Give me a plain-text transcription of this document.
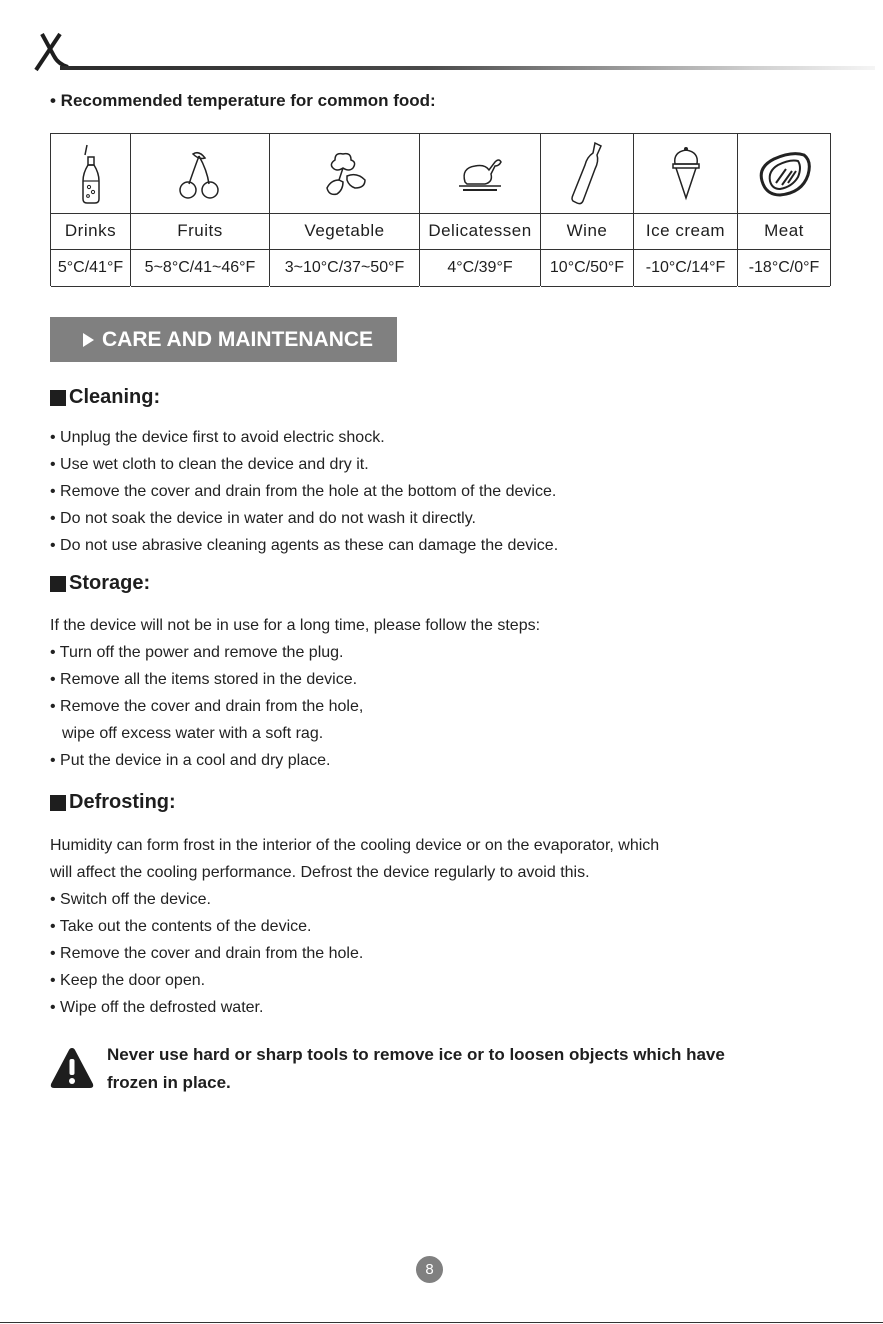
• Recommended temperature for common food:
Drinks
5°C/41°F
Fruits
5~8°C/41~46°F
Vegetable
3~10°C/37~50°F
Delicatessen
4°C/39°F
Wine
10°C/50°F
Ice cream
-10°C/14°F
Meat
-18°C/0°F
CARE AND MAINTENANCE
Cleaning:
• Unplug the device first to avoid electric shock.
• Use wet cloth to clean the device and dry it.
• Remove the cover and drain from the hole at the bottom of the device.
• Do not soak the device in water and do not wash it directly.
• Do not use abrasive cleaning agents as these can damage the device.
Storage:
If the device will not be in use for a long time, please follow the steps:
• Turn off the power and remove the plug.
• Remove all the items stored in the device.
• Remove the cover and drain from the hole,
wipe off excess water with a soft rag.
• Put the device in a cool and dry place.
Defrosting:
Humidity can form frost in the interior of the cooling device or on the evaporator, which
will affect the cooling performance. Defrost the device regularly to avoid this.
• Switch off the device.
• Take out the contents of the device.
• Remove the cover and drain from the hole.
• Keep the door open.
• Wipe off the defrosted water.
Never use hard or sharp tools to remove ice or to loosen objects which have
frozen in place.
8
